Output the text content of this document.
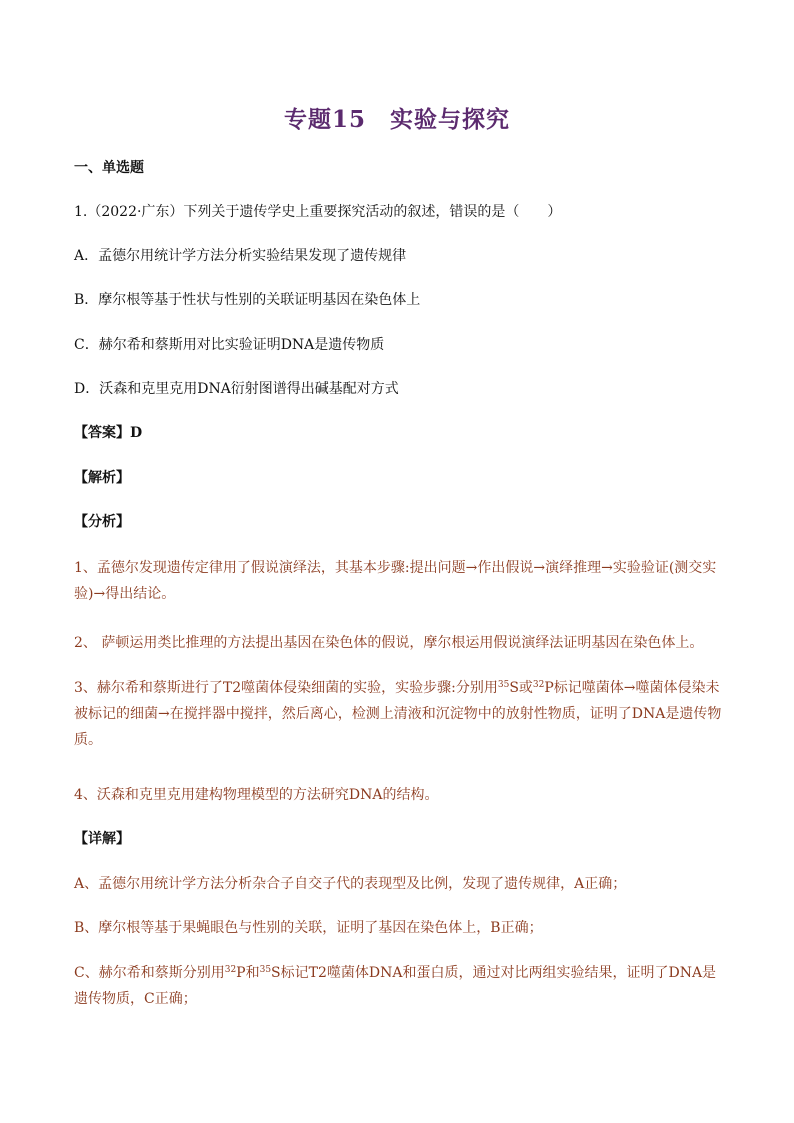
专题15　实验与探究
一、单选题
1.（2022·广东）下列关于遗传学史上重要探究活动的叙述，错误的是（　　）
A．孟德尔用统计学方法分析实验结果发现了遗传规律
B．摩尔根等基于性状与性别的关联证明基因在染色体上
C．赫尔希和蔡斯用对比实验证明DNA是遗传物质
D．沃森和克里克用DNA衍射图谱得出碱基配对方式
【答案】D
【解析】
【分析】
1、孟德尔发现遗传定律用了假说演绎法，其基本步骤:提出问题→作出假说→演绎推理→实验验证(测交实验)→得出结论。
2、 萨顿运用类比推理的方法提出基因在染色体的假说，摩尔根运用假说演绎法证明基因在染色体上。
3、赫尔希和蔡斯进行了T2噬菌体侵染细菌的实验，实验步骤:分别用$^{35}$S或$^{32}$P标记噬菌体→噬菌体侵染未被标记的细菌→在搅拌器中搅拌，然后离心，检测上清液和沉淀物中的放射性物质，证明了DNA是遗传物质。
4、沃森和克里克用建构物理模型的方法研究DNA的结构。
【详解】
A、孟德尔用统计学方法分析杂合子自交子代的表现型及比例，发现了遗传规律，A正确；
B、摩尔根等基于果蝇眼色与性别的关联，证明了基因在染色体上，B正确；
C、赫尔希和蔡斯分别用$^{32}$P和$^{35}$S标记T2噬菌体DNA和蛋白质，通过对比两组实验结果，证明了DNA是遗传物质，C正确；
